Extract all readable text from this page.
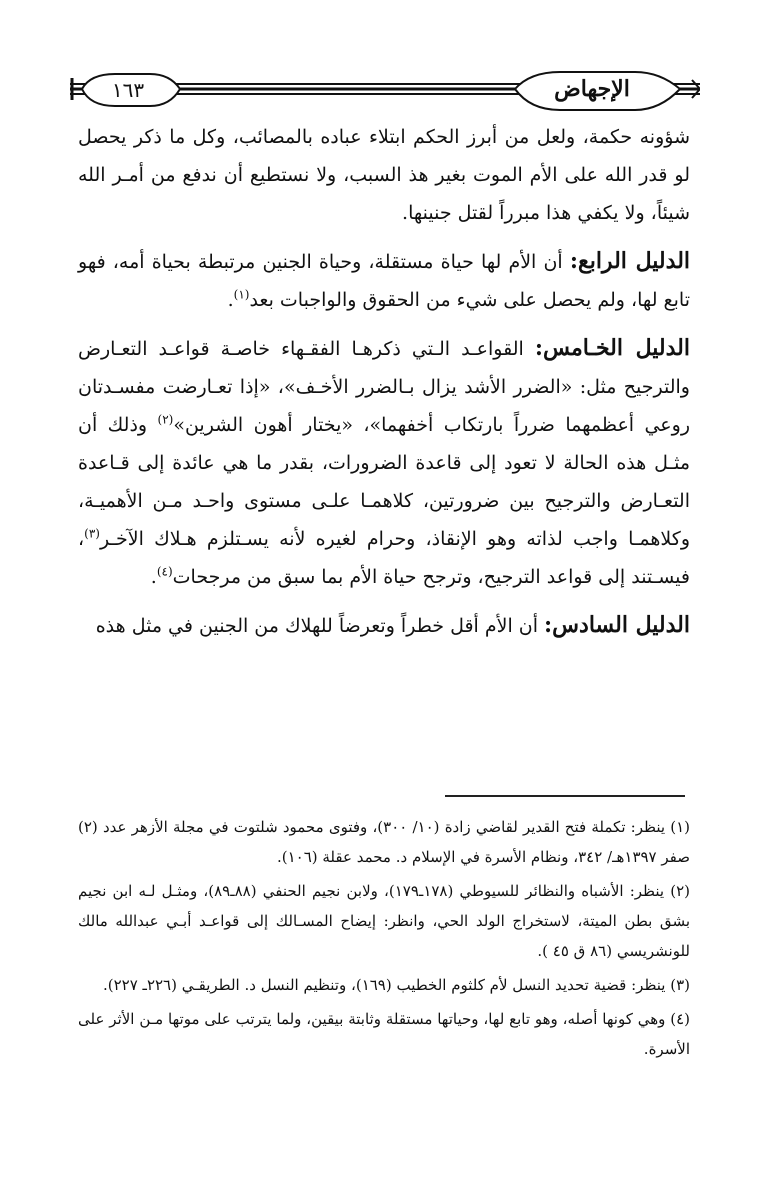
الإجهاض
١٦٣

شؤونه حكمة، ولعل من أبرز الحكم ابتلاء عباده بالمصائب، وكل ما ذكر يحصل لو قدر الله على الأم الموت بغير هذ السبب، ولا نستطيع أن ندفع من أمـر الله شيئاً، ولا يكفي هذا مبرراً لقتل جنينها.

الدليل الرابع: أن الأم لها حياة مستقلة، وحياة الجنين مرتبطة بحياة أمه، فهو تابع لها، ولم يحصل على شيء من الحقوق والواجبات بعد$^{(١)}$.

الدليل الخـامس: القواعـد الـتي ذكرهـا الفقـهاء خاصـة قواعـد التعـارض والترجيح مثل: «الضرر الأشد يزال بـالضرر الأخـف»، «إذا تعـارضت مفسـدتان روعي أعظمهما ضرراً بارتكاب أخفهما»، «يختار أهون الشرين»$^{(٢)}$ وذلك أن مثـل هذه الحالة لا تعود إلى قاعدة الضرورات، بقدر ما هي عائدة إلى قـاعدة التعـارض والترجيح بين ضرورتين، كلاهمـا علـى مستوى واحـد مـن الأهميـة، وكلاهمـا واجب لذاته وهو الإنقاذ، وحرام لغيره لأنه يسـتلزم هـلاك الآخـر$^{(٣)}$، فيسـتند إلى قواعد الترجيح، وترجح حياة الأم بما سبق من مرجحات$^{(٤)}$.

الدليل السادس: أن الأم أقل خطراً وتعرضاً للهلاك من الجنين في مثل هذه

(١) ينظر: تكملة فتح القدير لقاضي زادة (١٠/ ٣٠٠)، وفتوى محمود شلتوت في مجلة الأزهر عدد (٢) صفر ١٣٩٧هـ/ ٣٤٢، ونظام الأسرة في الإسلام د. محمد عقلة (١٠٦).

(٢) ينظر: الأشباه والنظائر للسيوطي (١٧٨ـ١٧٩)، ولابن نجيم الحنفي (٨٨ـ٨٩)، ومثـل لـه ابن نجيم بشق بطن الميتة، لاستخراج الولد الحي، وانظر: إيضاح المسـالك إلى قواعـد أبـي عبدالله مالك للونشريسي (٨٦ ق ٤٥ ).

(٣) ينظر: قضية تحديد النسل لأم كلثوم الخطيب (١٦٩)، وتنظيم النسل د. الطريقـي (٢٢٦ـ ٢٢٧).

(٤) وهي كونها أصله، وهو تابع لها، وحياتها مستقلة وثابتة بيقين، ولما يترتب على موتها مـن الأثر على الأسرة.
